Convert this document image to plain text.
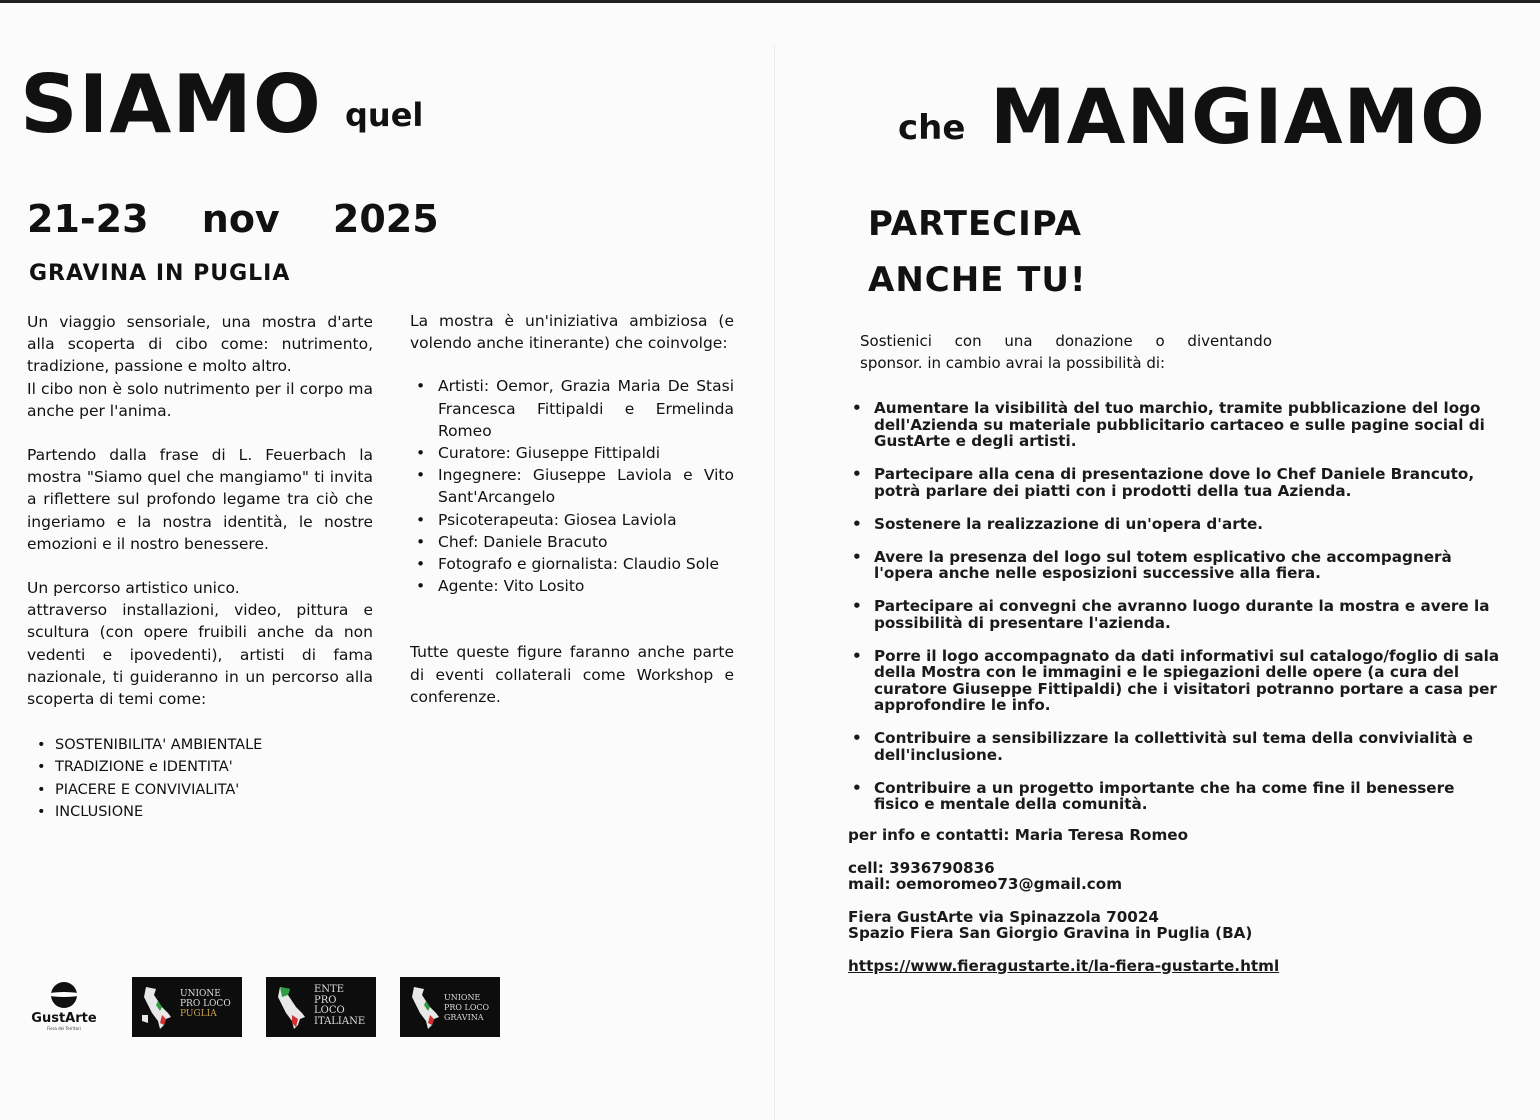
SIAMO quel	che MANGIAMO
21-23 nov 2025
GRAVINA IN PUGLIA

Un viaggio sensoriale, una mostra d'arte alla scoperta di cibo come: nutrimento, tradizione, passione e molto altro.

Il cibo non è solo nutrimento per il corpo ma anche per l'anima.

Partendo dalla frase di L. Feuerbach la mostra "Siamo quel che mangiamo" ti invita a riflettere sul profondo legame tra ciò che ingeriamo e la nostra identità, le nostre emozioni e il nostro benessere.

Un percorso artistico unico.

attraverso installazioni, video, pittura e scultura (con opere fruibili anche da non vedenti e ipovedenti), artisti di fama nazionale, ti guideranno in un percorso alla scoperta di temi come:

• SOSTENIBILITA' AMBIENTALE
• TRADIZIONE e IDENTITA'
• PIACERE E CONVIVIALITA'
• INCLUSIONE

La mostra è un'iniziativa ambiziosa (e volendo anche itinerante) che coinvolge:

• Artisti: Oemor, Grazia Maria De Stasi Francesca Fittipaldi e Ermelinda Romeo
• Curatore: Giuseppe Fittipaldi
• Ingegnere: Giuseppe Laviola e Vito Sant'Arcangelo
• Psicoterapeuta: Giosea Laviola
• Chef: Daniele Bracuto
• Fotografo e giornalista: Claudio Sole
• Agente: Vito Losito

Tutte queste figure faranno anche parte di eventi collaterali come Workshop e conferenze.

PARTECIPA
ANCHE TU!

Sostienici con una donazione o diventando

sponsor. in cambio avrai la possibilità di:

• Aumentare la visibilità del tuo marchio, tramite pubblicazione del logo dell'Azienda su materiale pubblicitario cartaceo e sulle pagine social di GustArte e degli artisti.
• Partecipare alla cena di presentazione dove lo Chef Daniele Brancuto, potrà parlare dei piatti con i prodotti della tua Azienda.
• Sostenere la realizzazione di un'opera d'arte.
• Avere la presenza del logo sul totem esplicativo che accompagnerà l'opera anche nelle esposizioni successive alla fiera.
• Partecipare ai convegni che avranno luogo durante la mostra e avere la possibilità di presentare l'azienda.
• Porre il logo accompagnato da dati informativi sul catalogo/foglio di sala della Mostra con le immagini e le spiegazioni delle opere (a cura del curatore Giuseppe Fittipaldi) che i visitatori potranno portare a casa per approfondire le info.
• Contribuire a sensibilizzare la collettività sul tema della convivialità e dell'inclusione.
• Contribuire a un progetto importante che ha come fine il benessere fisico e mentale della comunità.
per info e contatti: Maria Teresa Romeo
cell: 3936790836
mail: oemoromeo73@gmail.com
Fiera GustArte via Spinazzola 70024
Spazio Fiera San Giorgio Gravina in Puglia (BA)
https://www.fieragustarte.it/la-fiera-gustarte.html
GustArte
Fiera dei Territori
UNIONE
PRO LOCO
PUGLIA
ENTE
PRO
LOCO
ITALIANE
UNIONE
PRO LOCO
GRAVINA
